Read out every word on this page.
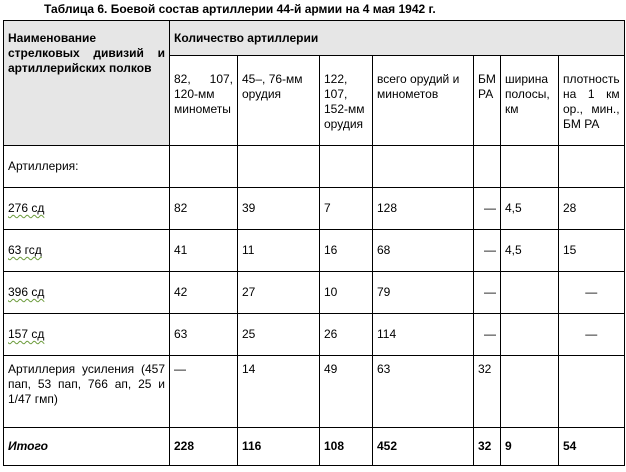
Таблица 6. Боевой состав артиллерии 44-й армии на 4 мая 1942 г.
Наименование стрелковых дивизий и артиллерийских полков	Количество артиллерии						

	82, 107, 120-мм минометы	45–, 76-мм орудия	122, 107, 152-мм орудия	всего орудий и минометов	БМ РА	ширина полосы, км	плотность на 1 км ор., мин., БМ РА

Артиллерия:							
276 сд	82	39	7	128	—	4,5	28
63 гсд	41	11	16	68	—	4,5	15
396 сд	42	27	10	79	—		—
157 сд	63	25	26	114	—		—

Артиллерия усиления (457 пап, 53 пап, 766 ап, 25 и 1/47 гмп)	—	14	49	63	32		
Итого	228	116	108	452	32	9	54
